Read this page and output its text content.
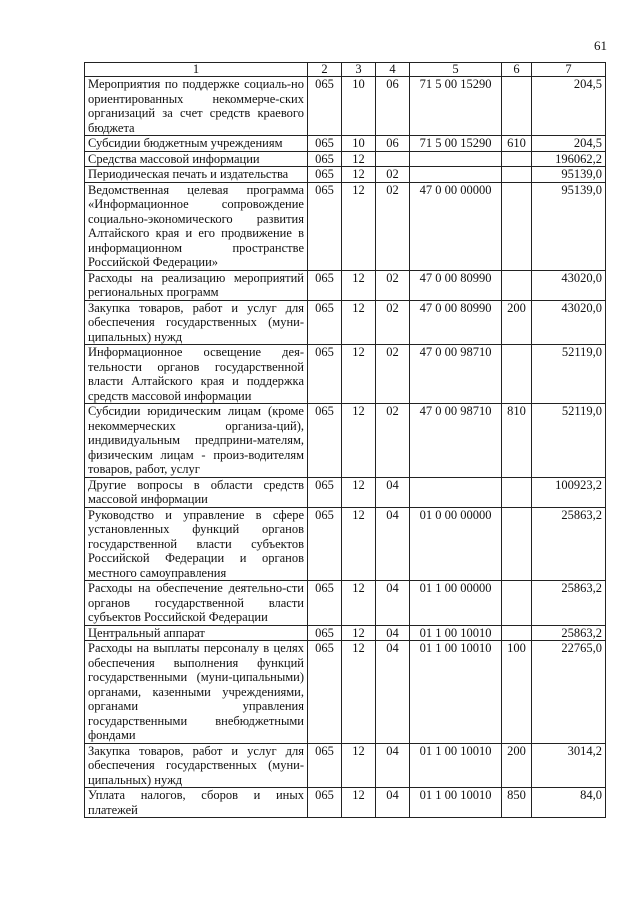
61
1	2	3	4	5	6	7
Мероприятия по поддержке социаль-но ориентированных некоммерче-ских организаций за счет средств краевого бюджета	065	10	06	71 5 00 15290		204,5
Субсидии бюджетным учреждениям	065	10	06	71 5 00 15290	610	204,5
Средства массовой информации	065	12				196062,2
Периодическая печать и издательства	065	12	02			95139,0
Ведомственная целевая программа «Информационное сопровождение социально-экономического развития Алтайского края и его продвижение в информационном пространстве Российской Федерации»	065	12	02	47 0 00 00000		95139,0
Расходы на реализацию мероприятий региональных программ	065	12	02	47 0 00 80990		43020,0
Закупка товаров, работ и услуг для обеспечения государственных (муни-ципальных) нужд	065	12	02	47 0 00 80990	200	43020,0
Информационное освещение дея-тельности органов государственной власти Алтайского края и поддержка средств массовой информации	065	12	02	47 0 00 98710		52119,0
Субсидии юридическим лицам (кроме некоммерческих организа-ций), индивидуальным предприни-мателям, физическим лицам - произ-водителям товаров, работ, услуг	065	12	02	47 0 00 98710	810	52119,0
Другие вопросы в области средств массовой информации	065	12	04			100923,2
Руководство и управление в сфере установленных функций органов государственной власти субъектов Российской Федерации и органов местного самоуправления	065	12	04	01 0 00 00000		25863,2
Расходы на обеспечение деятельно-сти органов государственной власти субъектов Российской Федерации	065	12	04	01 1 00 00000		25863,2
Центральный аппарат	065	12	04	01 1 00 10010		25863,2
Расходы на выплаты персоналу в целях обеспечения выполнения функций государственными (муни-ципальными) органами, казенными учреждениями, органами управления государственными внебюджетными фондами	065	12	04	01 1 00 10010	100	22765,0
Закупка товаров, работ и услуг для обеспечения государственных (муни-ципальных) нужд	065	12	04	01 1 00 10010	200	3014,2
Уплата налогов, сборов и иных платежей	065	12	04	01 1 00 10010	850	84,0
